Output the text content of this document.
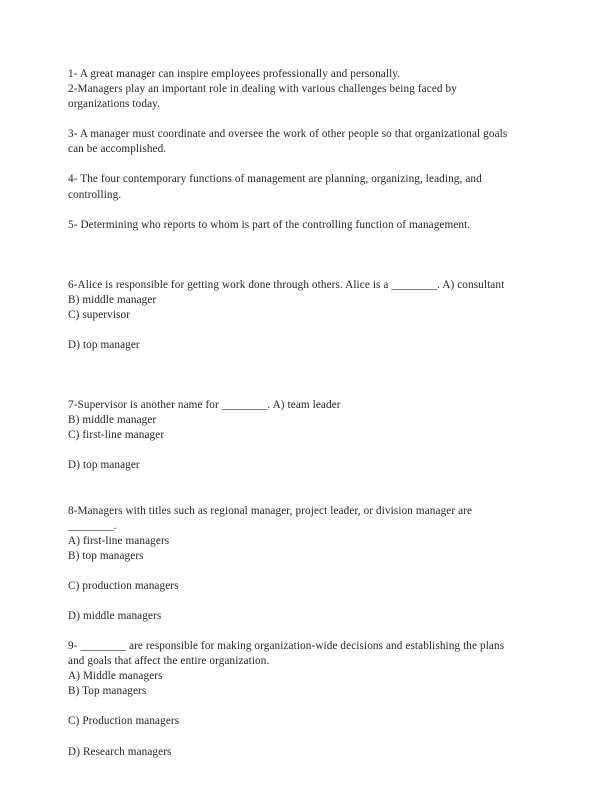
1- A great manager can inspire employees professionally and personally.
2-Managers play an important role in dealing with various challenges being faced by
organizations today.
3- A manager must coordinate and oversee the work of other people so that organizational goals
can be accomplished.
4- The four contemporary functions of management are planning, organizing, leading, and
controlling.
5- Determining who reports to whom is part of the controlling function of management.
6-Alice is responsible for getting work done through others. Alice is a ________. A) consultant
B) middle manager
C) supervisor
D) top manager
7-Supervisor is another name for ________. A) team leader
B) middle manager
C) first-line manager
D) top manager
8-Managers with titles such as regional manager, project leader, or division manager are
________.
A) first-line managers
B) top managers
C) production managers
D) middle managers
9- ________ are responsible for making organization-wide decisions and establishing the plans
and goals that affect the entire organization.
A) Middle managers
B) Top managers
C) Production managers
D) Research managers
